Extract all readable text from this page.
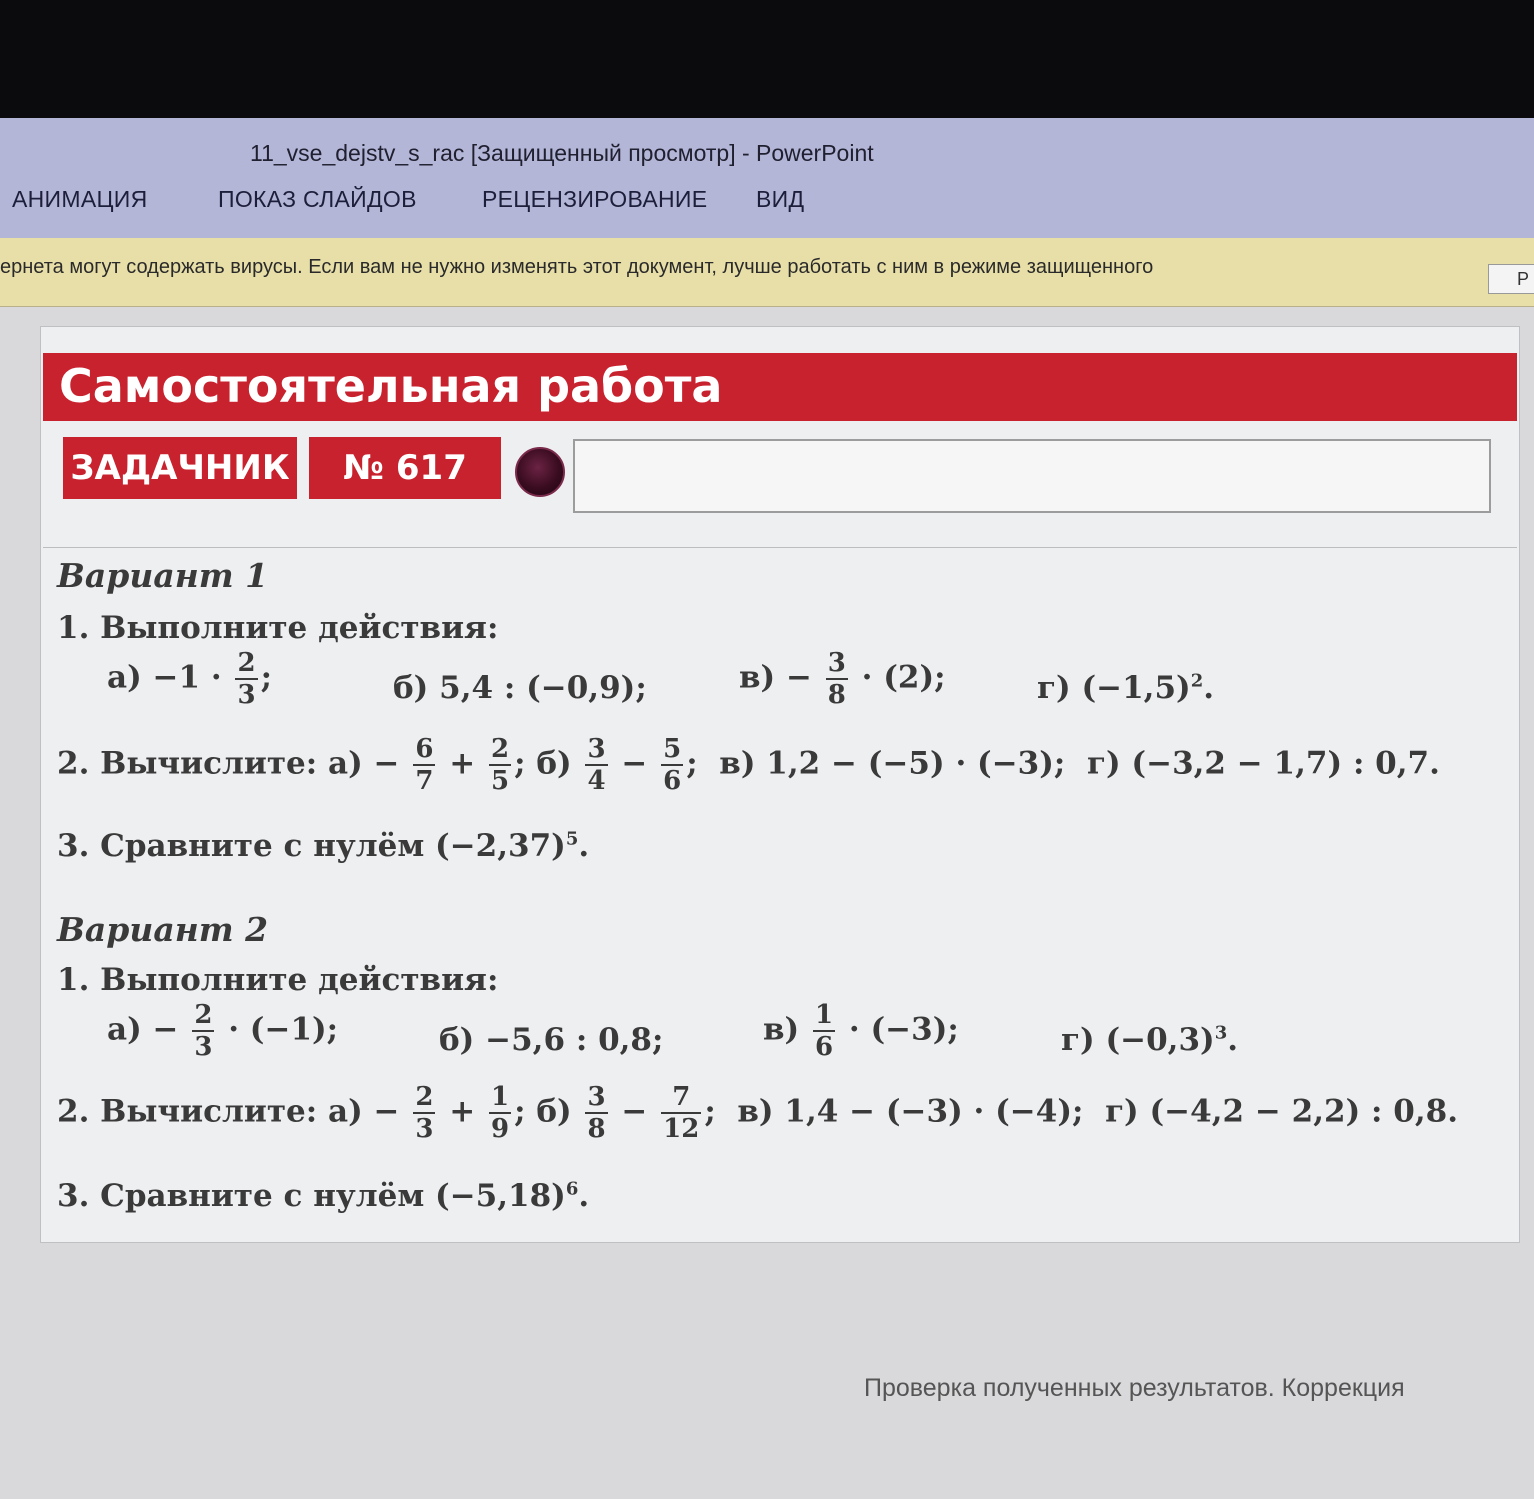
11_vse_dejstv_s_rac [Защищенный просмотр] - PowerPoint
АНИМАЦИЯ	ПОКАЗ СЛАЙДОВ	РЕЦЕНЗИРОВАНИЕ ВИД
ернета могут содержать вирусы. Если вам не нужно изменять этот документ, лучше работать с ним в режиме защищенного
Р
Самостоятельная работа
ЗАДАЧНИК	№ 617
Вариант 1
1. Выполните действия:
$а) -1 \cdot \frac{2}{3}$ ;	б) 5,4 : (−0,9);	$в) - \frac{3}{8} \cdot (2)$;	г) $(-1,5)^2$.
2. Вычислите: $а) - \frac{6}{7} + \frac{2}{5}$ ; $б) \frac{3}{4} - \frac{5}{6}$ ; в) 1,2 − (−5) · (−3); г) (−3,2 − 1,7) : 0,7.
3. Сравните с нулём $(-2,37)^5$.
Вариант 2
1. Выполните действия:
$а) - \frac{2}{3} \cdot (-1)$;	б) −5,6 : 0,8;	$в) \frac{1}{6} \cdot (-3)$;	г) $(-0,3)^3$.
2. Вычислите: $а) - \frac{2}{3} + \frac{1}{9}$ ; $б) \frac{3}{8} - \frac{7}{12}$ ; в) 1,4 − (−3) · (−4); г) (−4,2 − 2,2) : 0,8.
3. Сравните с нулём $(-5,18)^6$.
Проверка полученных результатов. Коррекция
